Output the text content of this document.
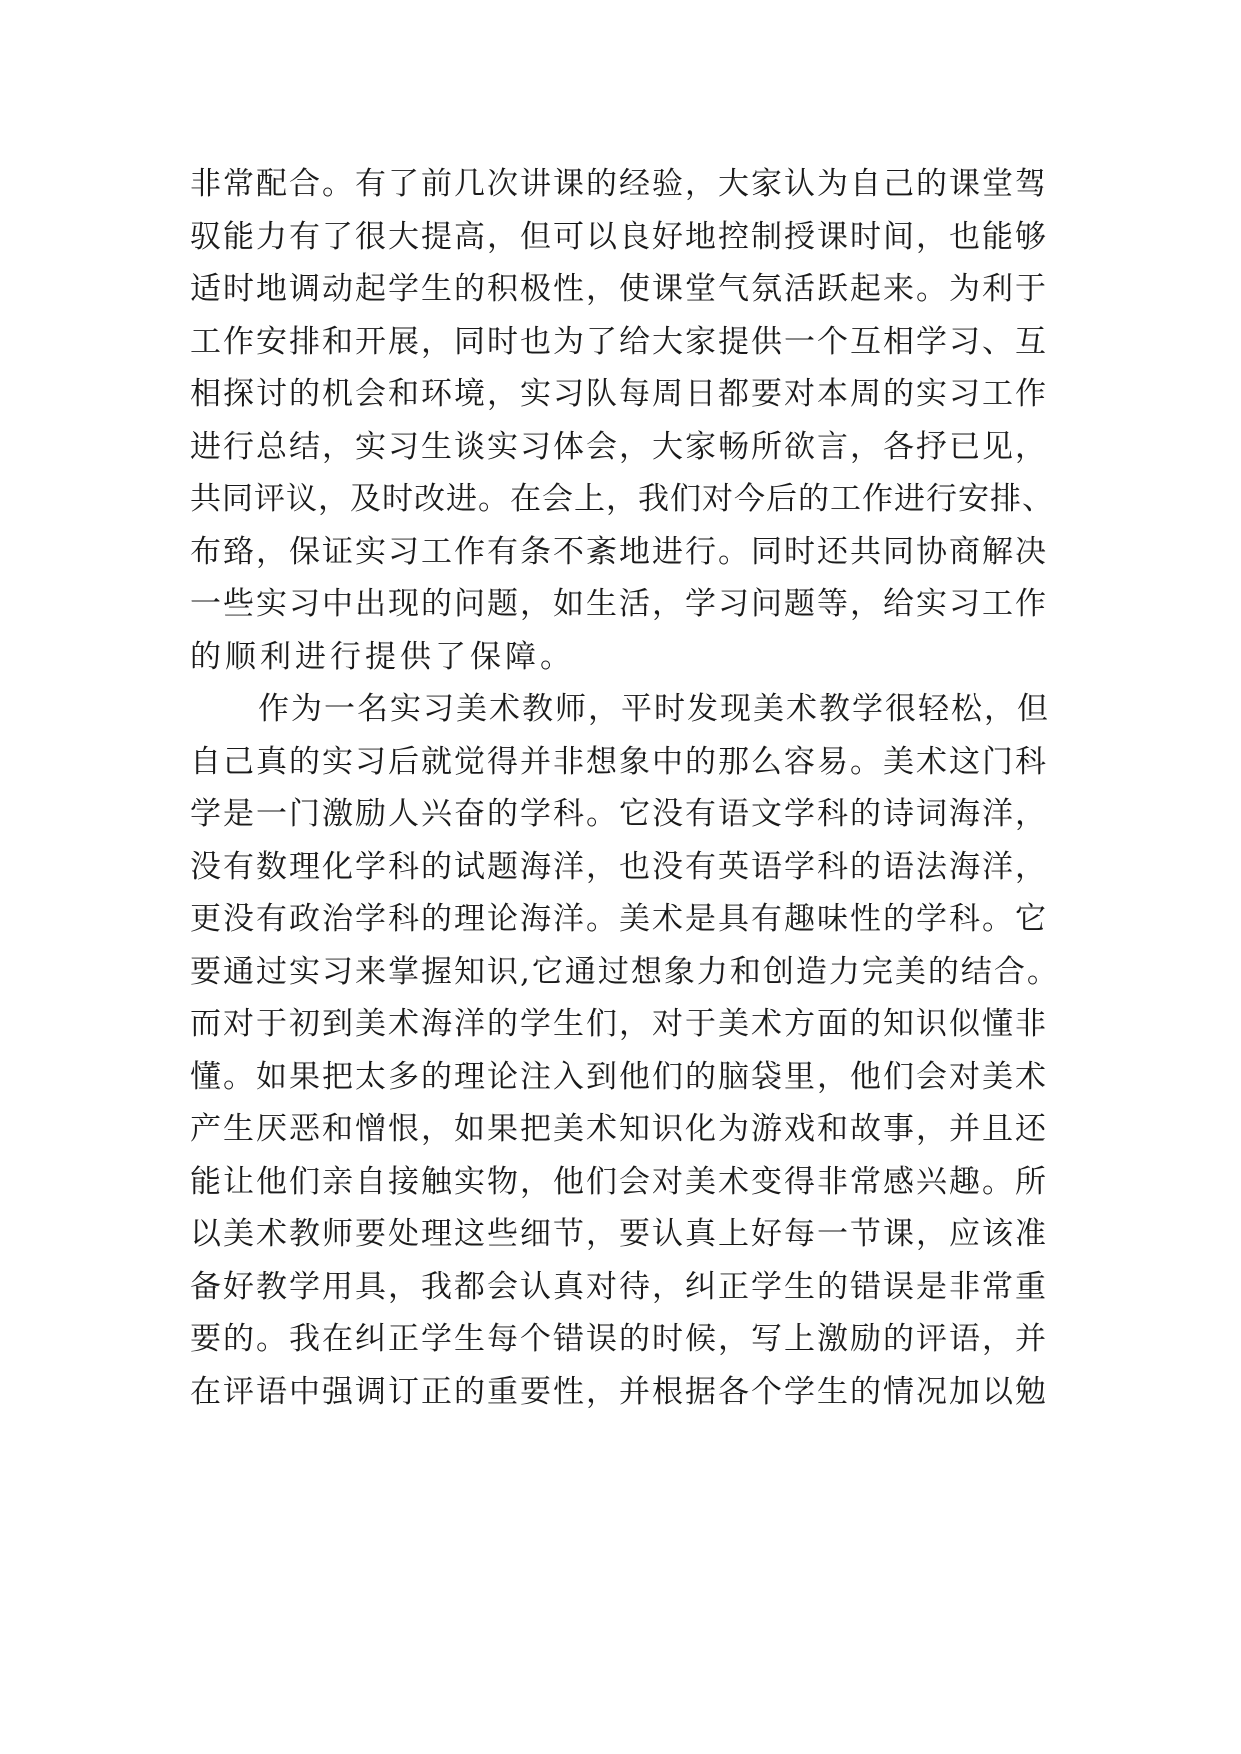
非常配合。有了前几次讲课的经验，大家认为自己的课堂驾
驭能力有了很大提高，但可以良好地控制授课时间，也能够
适时地调动起学生的积极性，使课堂气氛活跃起来。为利于
工作安排和开展，同时也为了给大家提供一个互相学习、互
相探讨的机会和环境，实习队每周日都要对本周的实习工作
进行总结，实习生谈实习体会，大家畅所欲言，各抒已见，
共同评议，及时改进。在会上，我们对今后的工作进行安排、
布臵，保证实习工作有条不紊地进行。同时还共同协商解决
一些实习中出现的问题，如生活，学习问题等，给实习工作
的顺利进行提供了保障。
作为一名实习美术教师，平时发现美术教学很轻松，但
自己真的实习后就觉得并非想象中的那么容易。美术这门科
学是一门激励人兴奋的学科。它没有语文学科的诗词海洋，
没有数理化学科的试题海洋，也没有英语学科的语法海洋，
更没有政治学科的理论海洋。美术是具有趣味性的学科。它
要通过实习来掌握知识,它通过想象力和创造力完美的结合。
而对于初到美术海洋的学生们，对于美术方面的知识似懂非
懂。如果把太多的理论注入到他们的脑袋里，他们会对美术
产生厌恶和憎恨，如果把美术知识化为游戏和故事，并且还
能让他们亲自接触实物，他们会对美术变得非常感兴趣。所
以美术教师要处理这些细节，要认真上好每一节课，应该准
备好教学用具，我都会认真对待，纠正学生的错误是非常重
要的。我在纠正学生每个错误的时候，写上激励的评语，并
在评语中强调订正的重要性，并根据各个学生的情况加以勉
